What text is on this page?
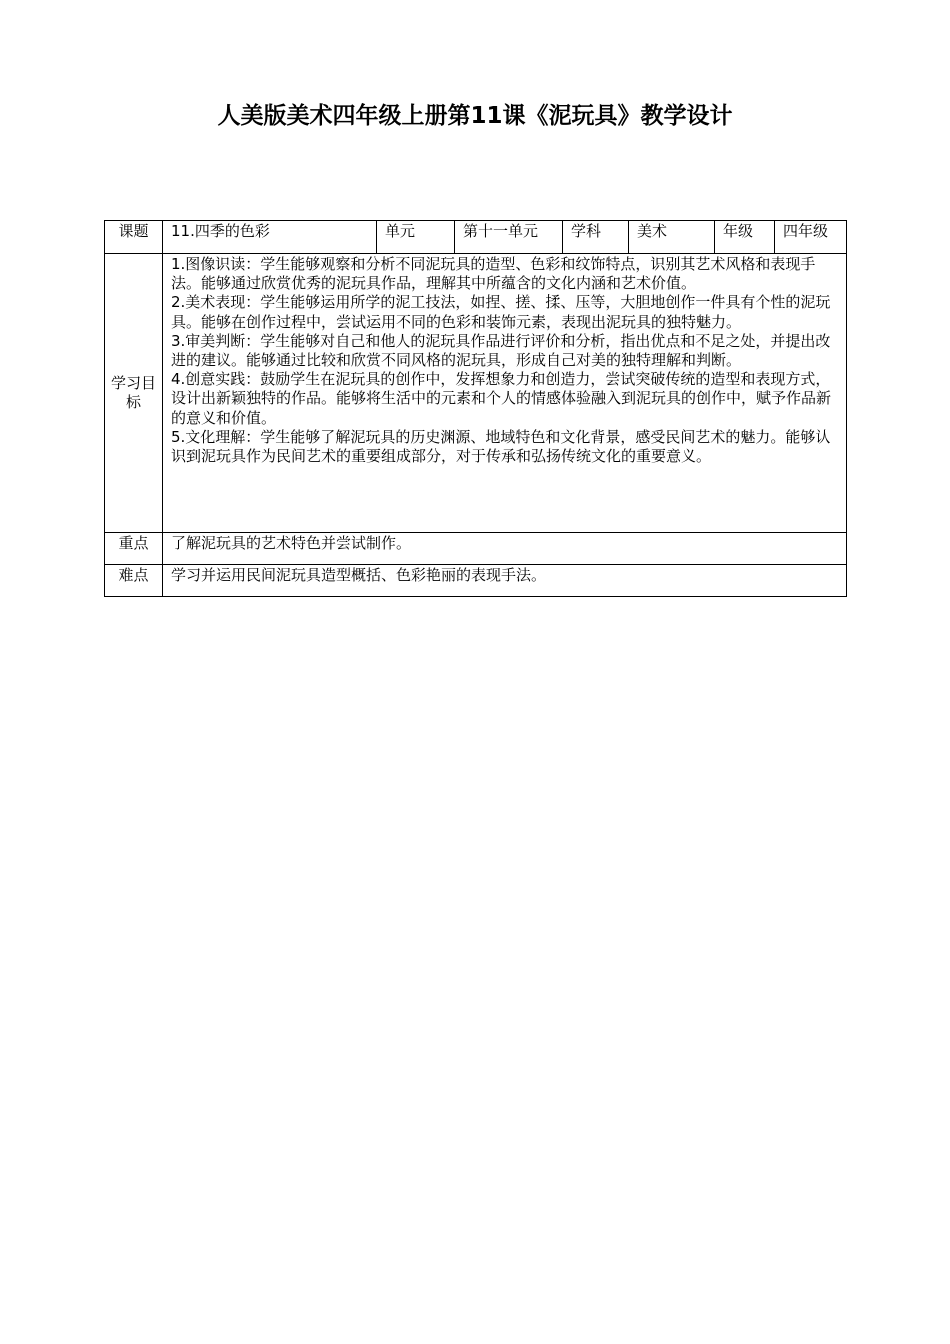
人美版美术四年级上册第11课《泥玩具》教学设计
课题	11.四季的色彩	单元	第十一单元	学科	美术	年级	四年级
学习目标	1.图像识读：学生能够观察和分析不同泥玩具的造型、色彩和纹饰特点，识别其艺术风格和表现手法。能够通过欣赏优秀的泥玩具作品，理解其中所蕴含的文化内涵和艺术价值。
2.美术表现：学生能够运用所学的泥工技法，如捏、搓、揉、压等，大胆地创作一件具有个性的泥玩具。能够在创作过程中，尝试运用不同的色彩和装饰元素，表现出泥玩具的独特魅力。
3.审美判断：学生能够对自己和他人的泥玩具作品进行评价和分析，指出优点和不足之处，并提出改进的建议。能够通过比较和欣赏不同风格的泥玩具，形成自己对美的独特理解和判断。
4.创意实践：鼓励学生在泥玩具的创作中，发挥想象力和创造力，尝试突破传统的造型和表现方式，设计出新颖独特的作品。能够将生活中的元素和个人的情感体验融入到泥玩具的创作中，赋予作品新的意义和价值。
5.文化理解：学生能够了解泥玩具的历史渊源、地域特色和文化背景，感受民间艺术的魅力。能够认识到泥玩具作为民间艺术的重要组成部分，对于传承和弘扬传统文化的重要意义。						

重点	了解泥玩具的艺术特色并尝试制作。						
难点	学习并运用民间泥玩具造型概括、色彩艳丽的表现手法。						
